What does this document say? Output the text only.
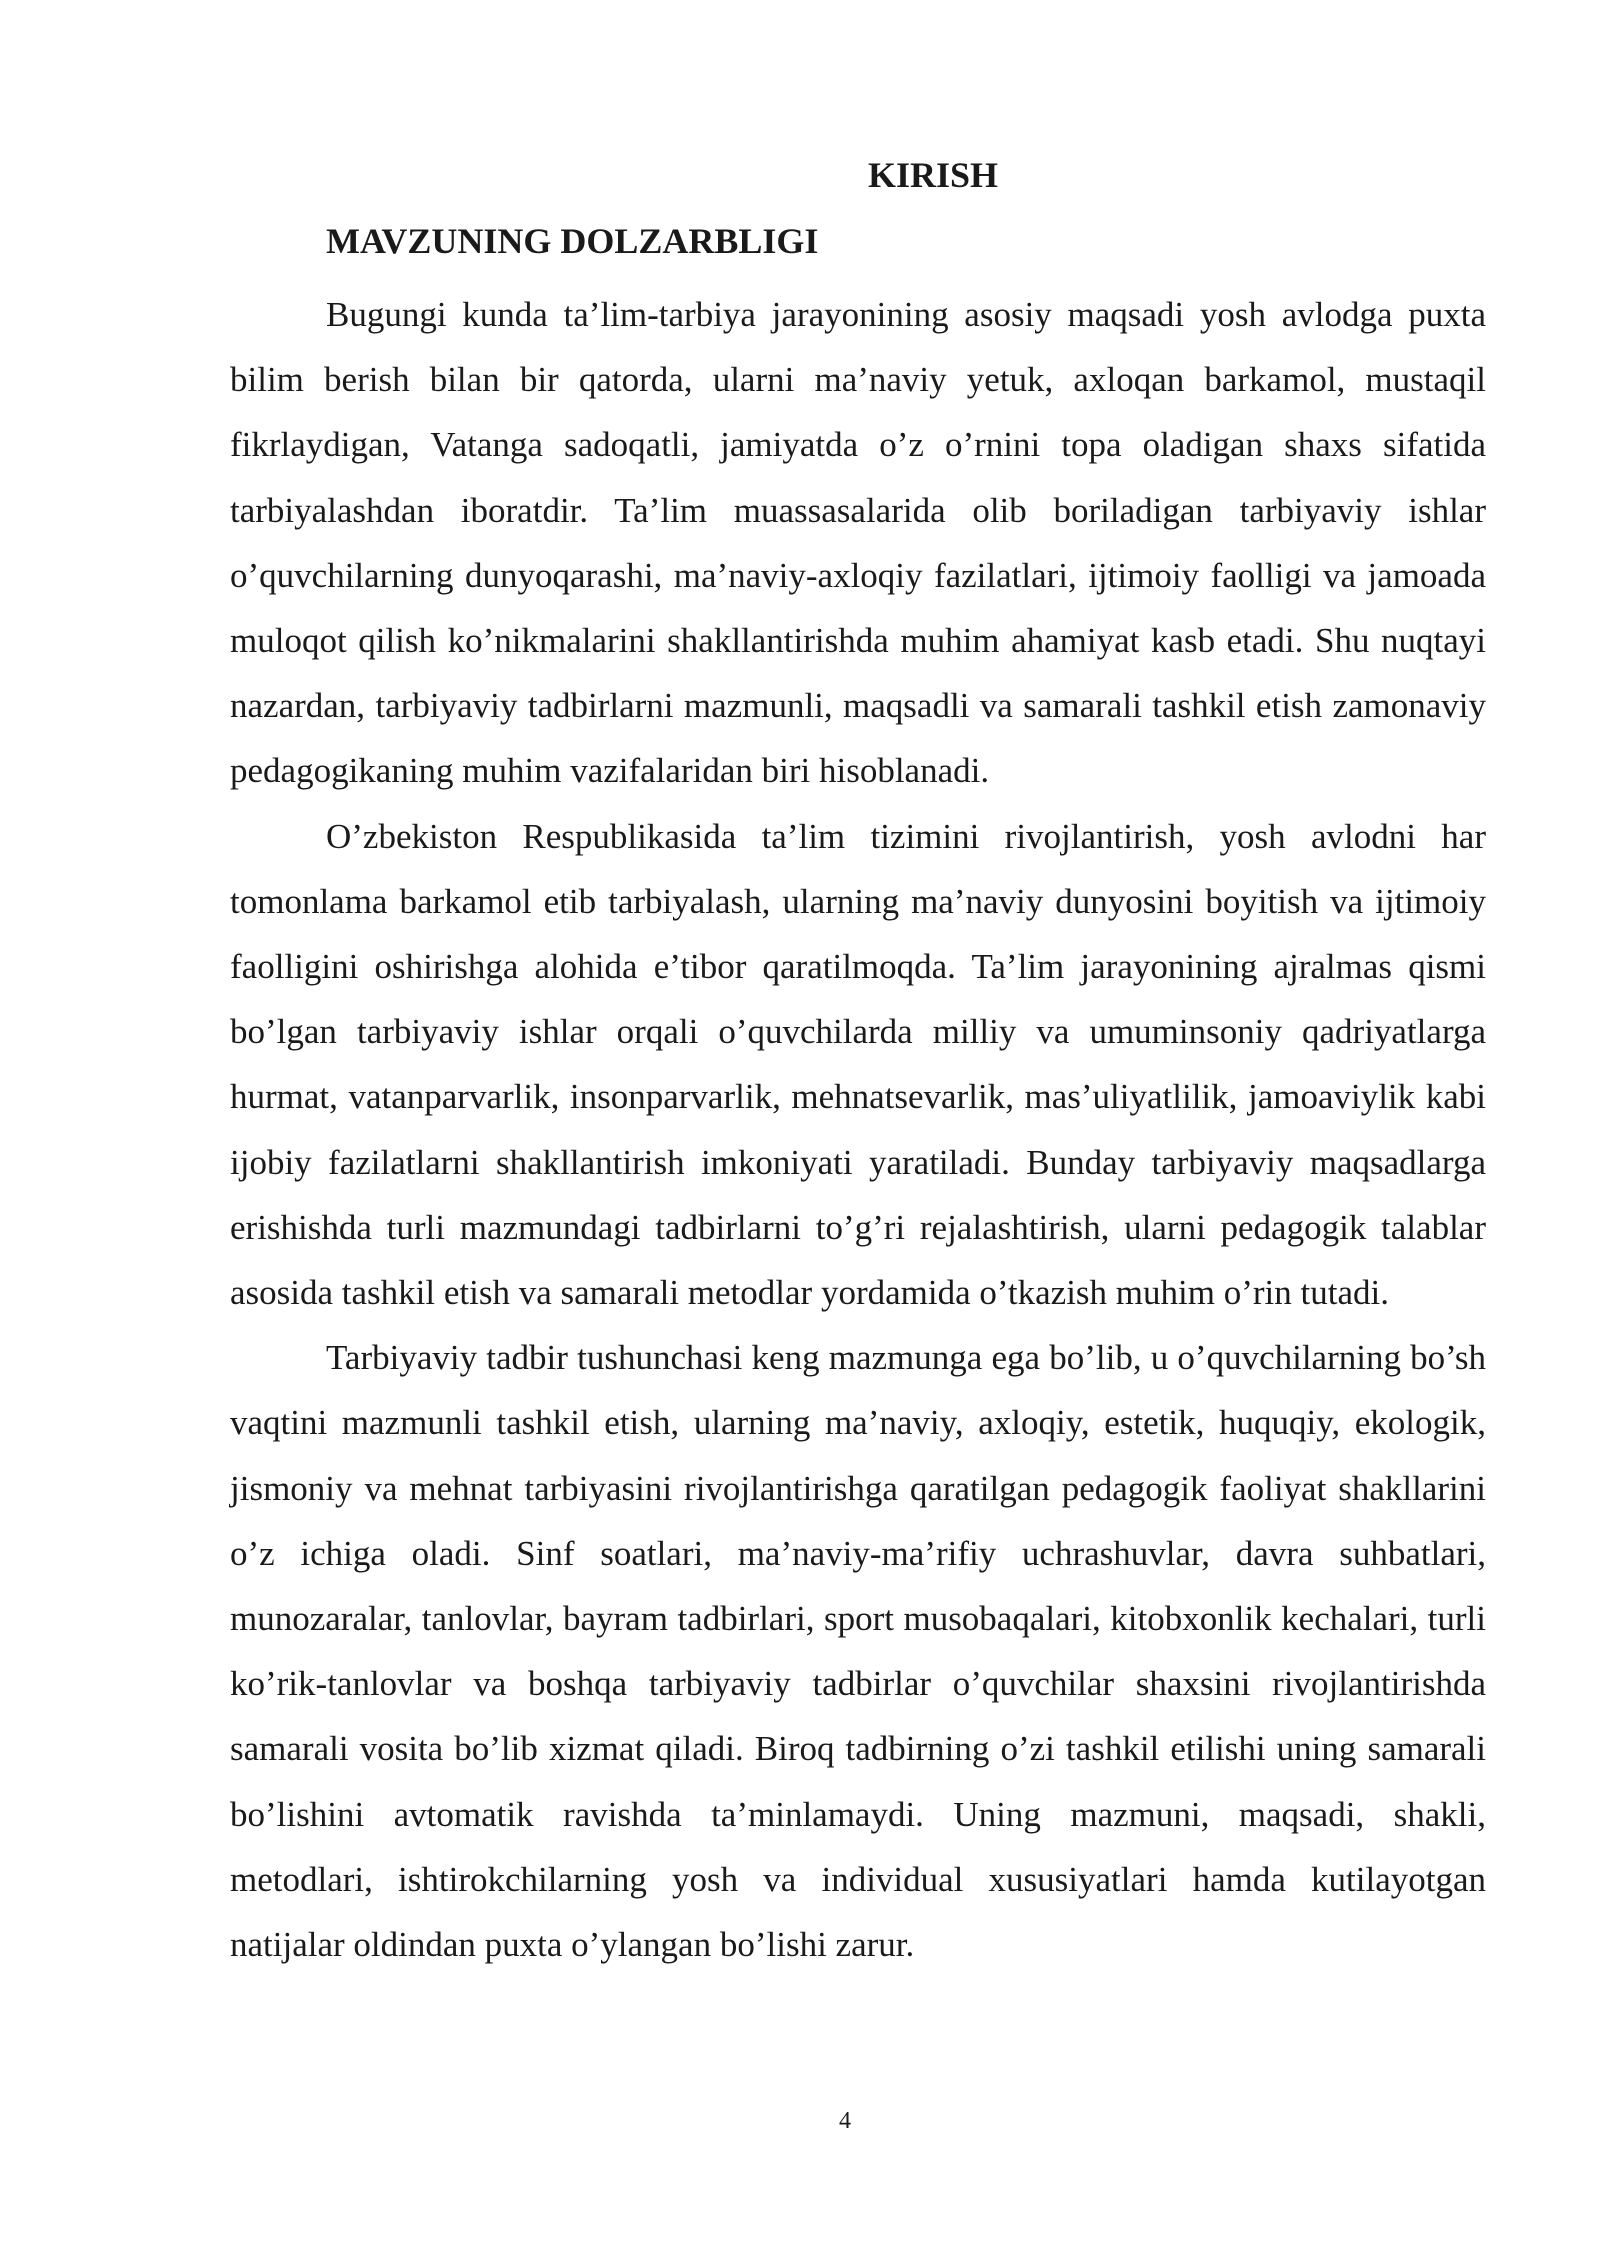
KIRISH
MAVZUNING DOLZARBLIGI

Bugungi kunda ta’lim-tarbiya jarayonining asosiy maqsadi yosh avlodga puxta bilim berish bilan bir qatorda, ularni ma’naviy yetuk, axloqan barkamol, mustaqil fikrlaydigan, Vatanga sadoqatli, jamiyatda o’z o’rnini topa oladigan shaxs sifatida tarbiyalashdan iboratdir. Ta’lim muassasalarida olib boriladigan tarbiyaviy ishlar o’quvchilarning dunyoqarashi, ma’naviy-axloqiy fazilatlari, ijtimoiy faolligi va jamoada muloqot qilish ko’nikmalarini shakllantirishda muhim ahamiyat kasb etadi. Shu nuqtayi nazardan, tarbiyaviy tadbirlarni mazmunli, maqsadli va samarali tashkil etish zamonaviy pedagogikaning muhim vazifalaridan biri hisoblanadi.

O’zbekiston Respublikasida ta’lim tizimini rivojlantirish, yosh avlodni har tomonlama barkamol etib tarbiyalash, ularning ma’naviy dunyosini boyitish va ijtimoiy faolligini oshirishga alohida e’tibor qaratilmoqda. Ta’lim jarayonining ajralmas qismi bo’lgan tarbiyaviy ishlar orqali o’quvchilarda milliy va umuminsoniy qadriyatlarga hurmat, vatanparvarlik, insonparvarlik, mehnatsevarlik, mas’uliyatlilik, jamoaviylik kabi ijobiy fazilatlarni shakllantirish imkoniyati yaratiladi. Bunday tarbiyaviy maqsadlarga erishishda turli mazmundagi tadbirlarni to’g’ri rejalashtirish, ularni pedagogik talablar asosida tashkil etish va samarali metodlar yordamida o’tkazish muhim o’rin tutadi.

Tarbiyaviy tadbir tushunchasi keng mazmunga ega bo’lib, u o’quvchilarning bo’sh vaqtini mazmunli tashkil etish, ularning ma’naviy, axloqiy, estetik, huquqiy, ekologik, jismoniy va mehnat tarbiyasini rivojlantirishga qaratilgan pedagogik faoliyat shakllarini o’z ichiga oladi. Sinf soatlari, ma’naviy-ma’rifiy uchrashuvlar, davra suhbatlari, munozaralar, tanlovlar, bayram tadbirlari, sport musobaqalari, kitobxonlik kechalari, turli ko’rik-tanlovlar va boshqa tarbiyaviy tadbirlar o’quvchilar shaxsini rivojlantirishda samarali vosita bo’lib xizmat qiladi. Biroq tadbirning o’zi tashkil etilishi uning samarali bo’lishini avtomatik ravishda ta’minlamaydi. Uning mazmuni, maqsadi, shakli, metodlari, ishtirokchilarning yosh va individual xususiyatlari hamda kutilayotgan natijalar oldindan puxta o’ylangan bo’lishi zarur.

4
